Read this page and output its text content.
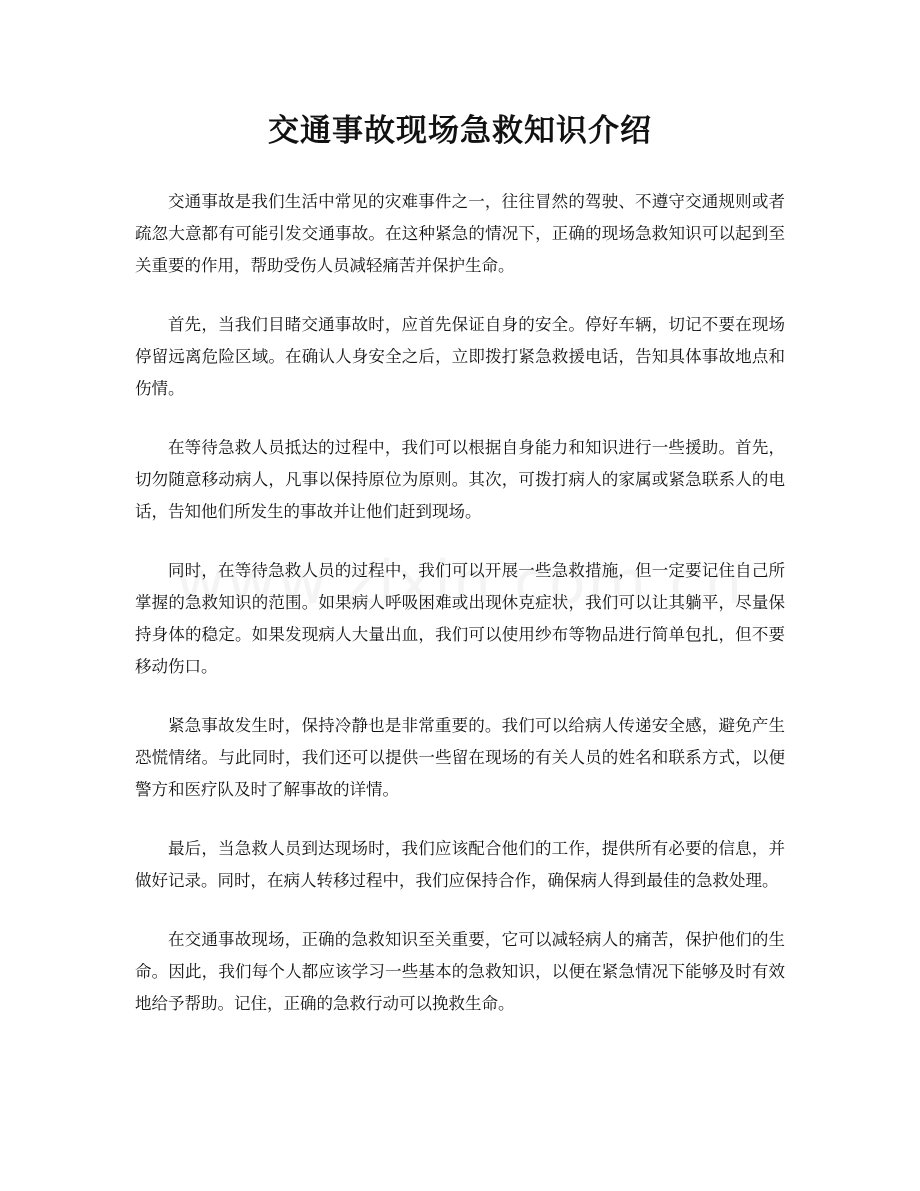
交通事故现场急救知识介绍

交通事故是我们生活中常见的灾难事件之一，往往冒然的驾驶、不遵守交通规则或者疏忽大意都有可能引发交通事故。在这种紧急的情况下，正确的现场急救知识可以起到至关重要的作用，帮助受伤人员减轻痛苦并保护生命。

首先，当我们目睹交通事故时，应首先保证自身的安全。停好车辆，切记不要在现场停留远离危险区域。在确认人身安全之后，立即拨打紧急救援电话，告知具体事故地点和伤情。

在等待急救人员抵达的过程中，我们可以根据自身能力和知识进行一些援助。首先，切勿随意移动病人，凡事以保持原位为原则。其次，可拨打病人的家属或紧急联系人的电话，告知他们所发生的事故并让他们赶到现场。

同时，在等待急救人员的过程中，我们可以开展一些急救措施，但一定要记住自己所掌握的急救知识的范围。如果病人呼吸困难或出现休克症状，我们可以让其躺平，尽量保持身体的稳定。如果发现病人大量出血，我们可以使用纱布等物品进行简单包扎，但不要移动伤口。

紧急事故发生时，保持冷静也是非常重要的。我们可以给病人传递安全感，避免产生恐慌情绪。与此同时，我们还可以提供一些留在现场的有关人员的姓名和联系方式，以便警方和医疗队及时了解事故的详情。

最后，当急救人员到达现场时，我们应该配合他们的工作，提供所有必要的信息，并做好记录。同时，在病人转移过程中，我们应保持合作，确保病人得到最佳的急救处理。

在交通事故现场，正确的急救知识至关重要，它可以减轻病人的痛苦，保护他们的生命。因此，我们每个人都应该学习一些基本的急救知识，以便在紧急情况下能够及时有效地给予帮助。记住，正确的急救行动可以挽救生命。
